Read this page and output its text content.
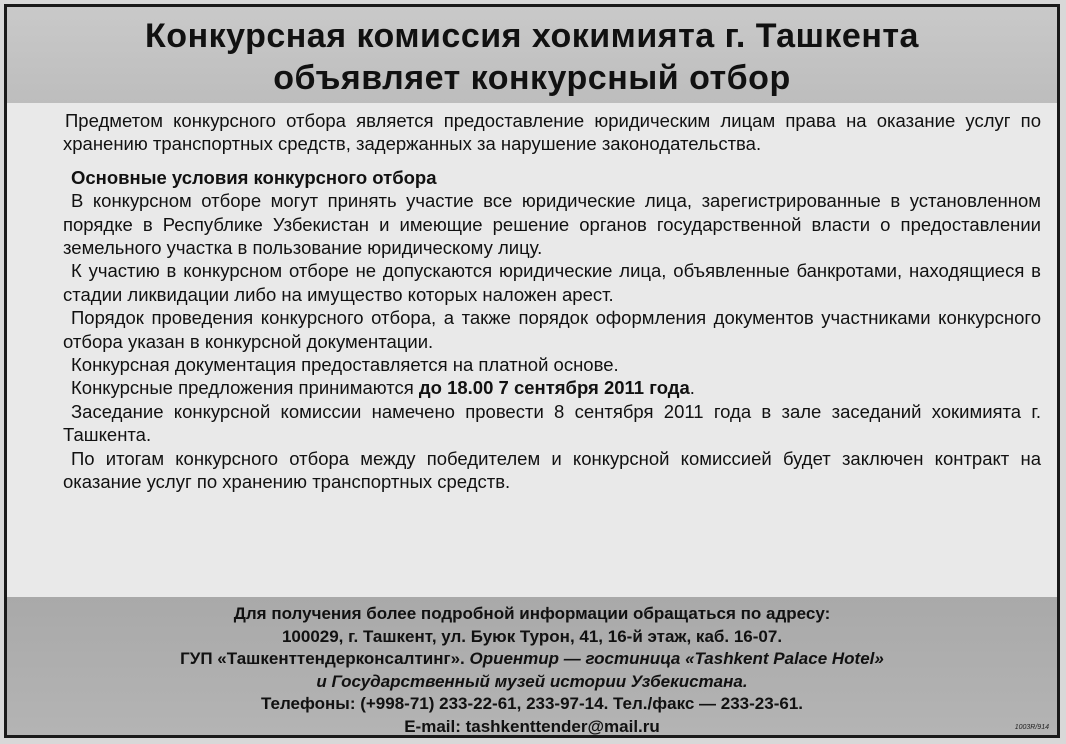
Конкурсная комиссия хокимията г. Ташкента
объявляет конкурсный отбор

Предметом конкурсного отбора является предоставление юридическим лицам права на оказание услуг по хранению транспортных средств, задержанных за нарушение законодательства.

Основные условия конкурсного отбора

В конкурсном отборе могут принять участие все юридические лица, зарегистрированные в установленном порядке в Республике Узбекистан и имеющие решение органов государственной власти о предоставлении земельного участка в пользование юридическому лицу.

К участию в конкурсном отборе не допускаются юридические лица, объявленные банкротами, находящиеся в стадии ликвидации либо на имущество которых наложен арест.

Порядок проведения конкурсного отбора, а также порядок оформления документов участниками конкурсного отбора указан в конкурсной документации.

Конкурсная документация предоставляется на платной основе.

Конкурсные предложения принимаются до 18.00 7 сентября 2011 года.

Заседание конкурсной комиссии намечено провести 8 сентября 2011 года в зале заседаний хокимията г. Ташкента.

По итогам конкурсного отбора между победителем и конкурсной комиссией будет заключен контракт на оказание услуг по хранению транспортных средств.

Для получения более подробной информации обращаться по адресу:
100029, г. Ташкент, ул. Буюк Турон, 41, 16-й этаж, каб. 16-07.
ГУП «Ташкенттендерконсалтинг». Ориентир — гостиница «Tashkent Palace Hotel»
и Государственный музей истории Узбекистана.
Телефоны: (+998-71) 233-22-61, 233-97-14. Тел./факс — 233-23-61.
E-mail: tashkenttender@mail.ru	1003R/914
